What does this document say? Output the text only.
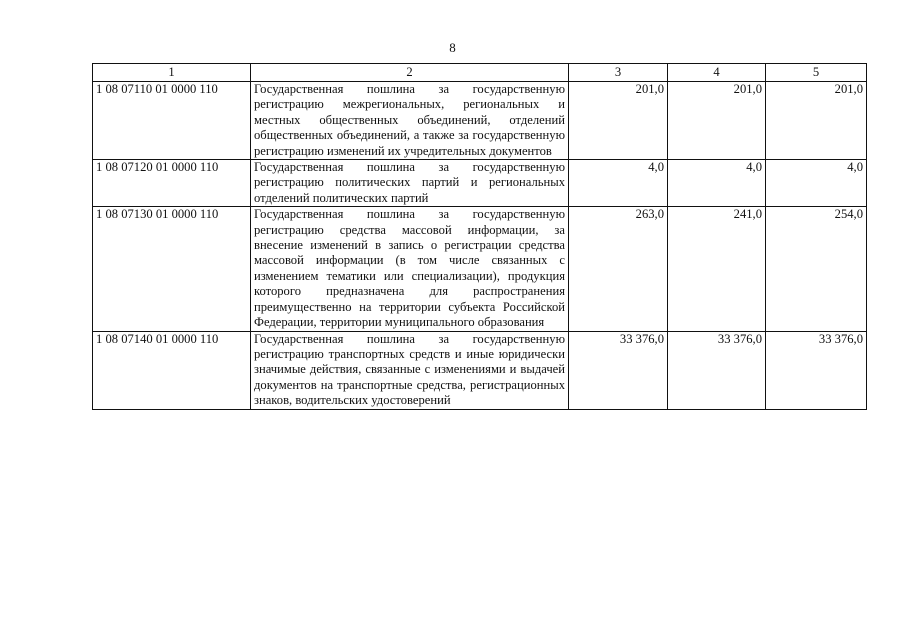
8
1	2	3	4	5
1 08 07110 01 0000 110	Государственная пошлина за государственную регистрацию межрегиональных, региональных и местных общественных объединений, отделений общественных объединений, а также за государственную регистрацию изменений их учредительных документов	201,0	201,0	201,0
1 08 07120 01 0000 110	Государственная пошлина за государственную регистрацию политических партий и региональных отделений политических партий	4,0	4,0	4,0
1 08 07130 01 0000 110	Государственная пошлина за государственную регистрацию средства массовой информации, за внесение изменений в запись о регистрации средства массовой информации (в том числе связанных с изменением тематики или специализации), продукция которого предназначена для распространения преимущественно на территории субъекта Российской Федерации, территории муниципального образования	263,0	241,0	254,0
1 08 07140 01 0000 110	Государственная пошлина за государственную регистрацию транспортных средств и иные юридически значимые действия, связанные с изменениями и выдачей документов на транспортные средства, регистрационных знаков, водительских удостоверений	33 376,0	33 376,0	33 376,0
